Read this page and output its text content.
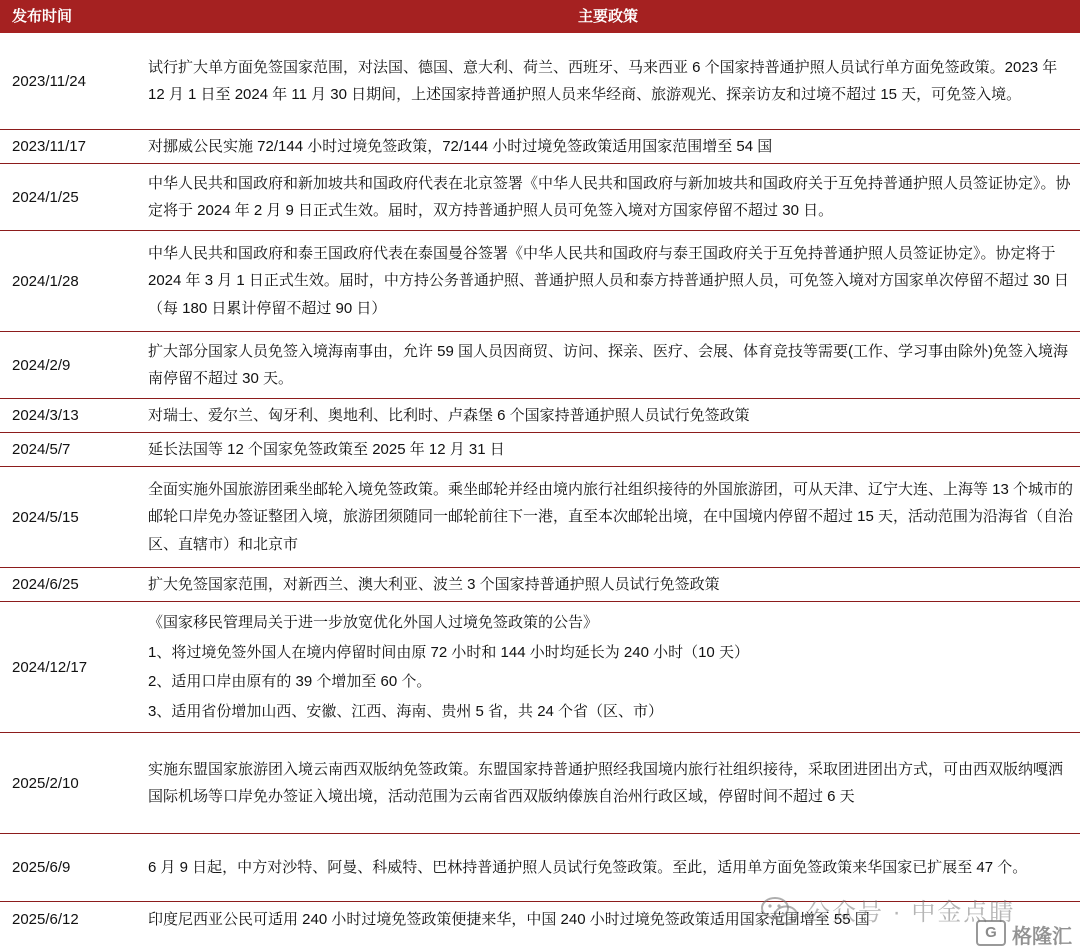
发布时间	主要政策
2023/11/24	试行扩大单方面免签国家范围，对法国、德国、意大利、荷兰、西班牙、马来西亚 6 个国家持普通护照人员试行单方面免签政策。2023 年 12 月 1 日至 2024 年 11 月 30 日期间，上述国家持普通护照人员来华经商、旅游观光、探亲访友和过境不超过 15 天，可免签入境。
2023/11/17	对挪威公民实施 72/144 小时过境免签政策，72/144 小时过境免签政策适用国家范围增至 54 国
2024/1/25	中华人民共和国政府和新加坡共和国政府代表在北京签署《中华人民共和国政府与新加坡共和国政府关于互免持普通护照人员签证协定》。协定将于 2024 年 2 月 9 日正式生效。届时，双方持普通护照人员可免签入境对方国家停留不超过 30 日。
2024/1/28	中华人民共和国政府和泰王国政府代表在泰国曼谷签署《中华人民共和国政府与泰王国政府关于互免持普通护照人员签证协定》。协定将于 2024 年 3 月 1 日正式生效。届时，中方持公务普通护照、普通护照人员和泰方持普通护照人员，可免签入境对方国家单次停留不超过 30 日（每 180 日累计停留不超过 90 日）
2024/2/9	扩大部分国家人员免签入境海南事由，允许 59 国人员因商贸、访问、探亲、医疗、会展、体育竞技等需要(工作、学习事由除外)免签入境海南停留不超过 30 天。
2024/3/13	对瑞士、爱尔兰、匈牙利、奥地利、比利时、卢森堡 6 个国家持普通护照人员试行免签政策
2024/5/7	延长法国等 12 个国家免签政策至 2025 年 12 月 31 日
2024/5/15	全面实施外国旅游团乘坐邮轮入境免签政策。乘坐邮轮并经由境内旅行社组织接待的外国旅游团，可从天津、辽宁大连、上海等 13 个城市的邮轮口岸免办签证整团入境，旅游团须随同一邮轮前往下一港，直至本次邮轮出境，在中国境内停留不超过 15 天，活动范围为沿海省（自治区、直辖市）和北京市
2024/6/25	扩大免签国家范围，对新西兰、澳大利亚、波兰 3 个国家持普通护照人员试行免签政策
2024/12/17	《国家移民管理局关于进一步放宽优化外国人过境免签政策的公告》
1、将过境免签外国人在境内停留时间由原 72 小时和 144 小时均延长为 240 小时（10 天）
2、适用口岸由原有的 39 个增加至 60 个。
3、适用省份增加山西、安徽、江西、海南、贵州 5 省，共 24 个省（区、市）

2025/2/10	实施东盟国家旅游团入境云南西双版纳免签政策。东盟国家持普通护照经我国境内旅行社组织接待，采取团进团出方式，可由西双版纳嘎洒国际机场等口岸免办签证入境出境，活动范围为云南省西双版纳傣族自治州行政区域，停留时间不超过 6 天
2025/6/9	6 月 9 日起，中方对沙特、阿曼、科威特、巴林持普通护照人员试行免签政策。至此，适用单方面免签政策来华国家已扩展至 47 个。
2025/6/12	印度尼西亚公民可适用 240 小时过境免签政策便捷来华，中国 240 小时过境免签政策适用国家范围增至 55 国
公众号 · 中金点睛
G 格隆汇
